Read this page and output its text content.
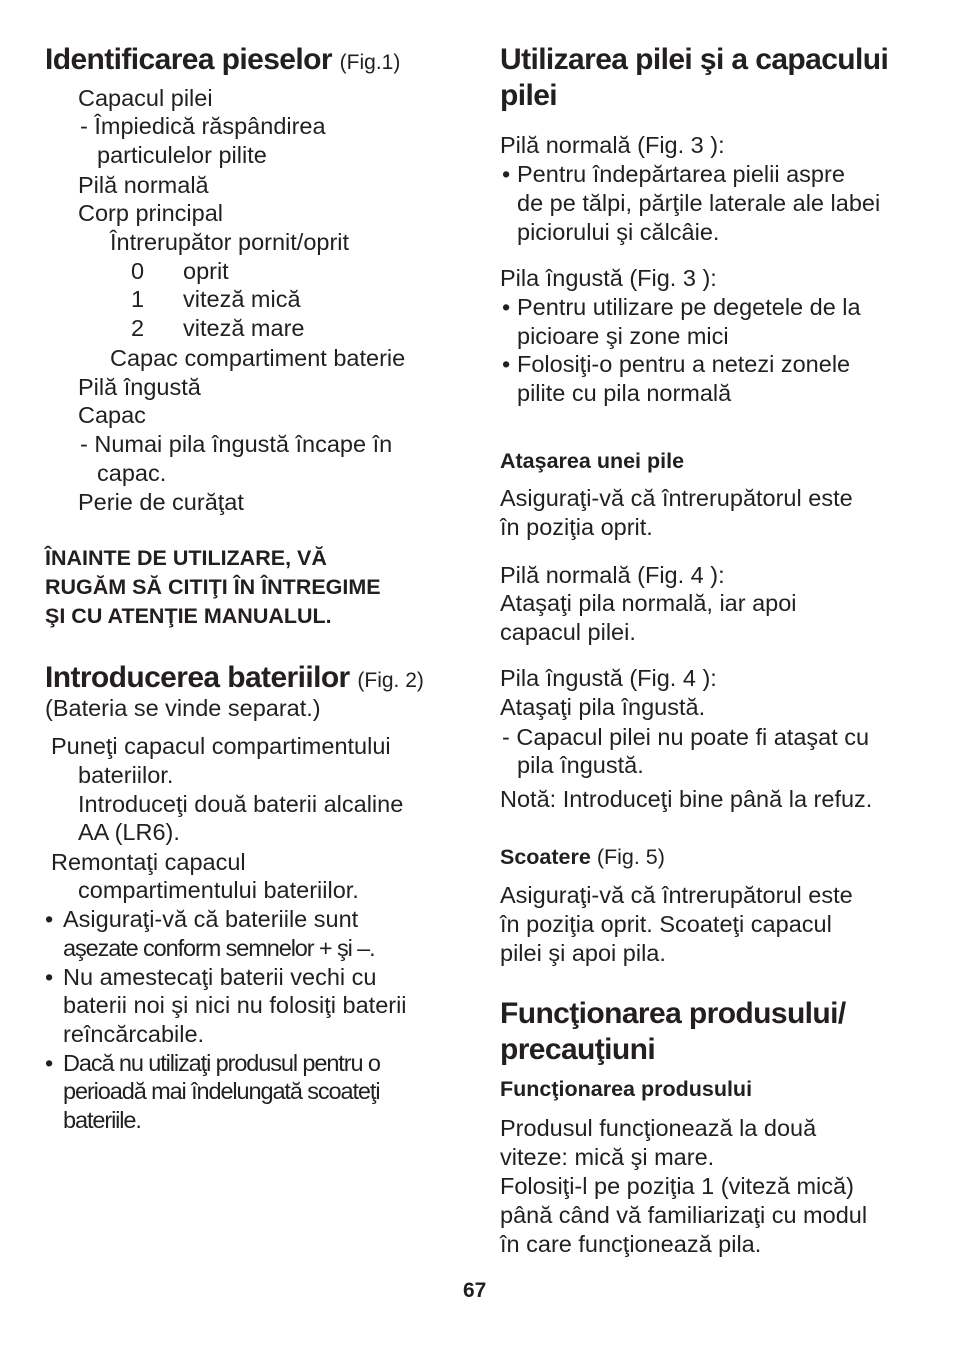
Identificarea pieselor (Fig.1)
Capacul pilei
- Împiedică răspândirea
particulelor pilite
Pilă normală
Corp principal
Întrerupător pornit/oprit
0 oprit
1 viteză mică
2 viteză mare
Capac compartiment baterie
Pilă îngustă
Capac
- Numai pila îngustă încape în
capac.
Perie de curăţat
ÎNAINTE DE UTILIZARE, VĂ
RUGĂM SĂ CITIŢI ÎN ÎNTREGIME
ŞI CU ATENŢIE MANUALUL.
Introducerea bateriilor (Fig. 2)
(Bateria se vinde separat.)
Puneţi capacul compartimentului
bateriilor.
Introduceţi două baterii alcaline
AA (LR6).
Remontaţi capacul
compartimentului bateriilor.
• Asiguraţi-vă că bateriile sunt
aşezate conform semnelor + şi –.
• Nu amestecaţi baterii vechi cu
baterii noi şi nici nu folosiţi baterii
reîncărcabile.
• Dacă nu utilizaţi produsul pentru o
perioadă mai îndelungată scoateţi
bateriile.
Utilizarea pilei şi a capacului
pilei
Pilă normală (Fig. 3 ):
• Pentru îndepărtarea pielii aspre
de pe tălpi, părţile laterale ale labei
piciorului şi călcâie.
Pila îngustă (Fig. 3 ):
• Pentru utilizare pe degetele de la
picioare şi zone mici
• Folosiţi-o pentru a netezi zonele
pilite cu pila normală
Ataşarea unei pile
Asiguraţi-vă că întrerupătorul este
în poziţia oprit.
Pilă normală (Fig. 4 ):
Ataşaţi pila normală, iar apoi
capacul pilei.
Pila îngustă (Fig. 4 ):
Ataşaţi pila îngustă.
- Capacul pilei nu poate fi ataşat cu
pila îngustă.
Notă: Introduceţi bine până la refuz.
Scoatere (Fig. 5)
Asiguraţi-vă că întrerupătorul este
în poziţia oprit. Scoateţi capacul
pilei şi apoi pila.
Funcţionarea produsului/
precauţiuni
Funcţionarea produsului
Produsul funcţionează la două
viteze: mică şi mare.
Folosiţi-l pe poziţia 1 (viteză mică)
până când vă familiarizaţi cu modul
în care funcţionează pila.
67
